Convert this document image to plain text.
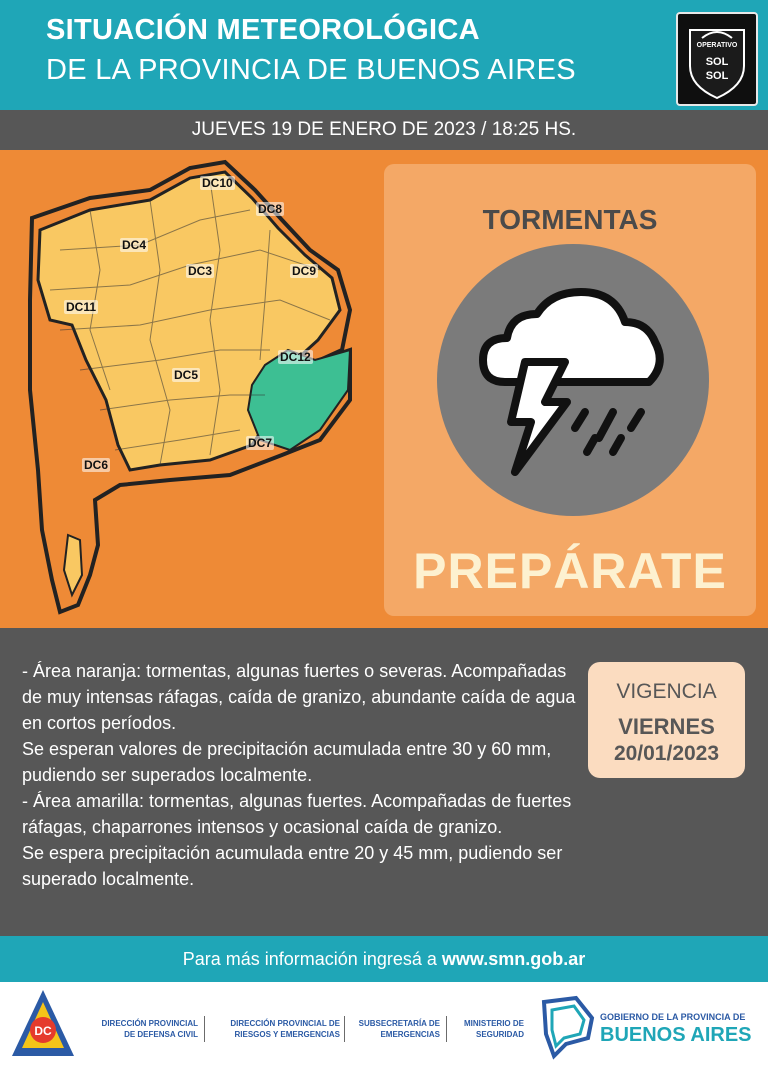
SITUACIÓN METEOROLÓGICA
DE LA PROVINCIA DE BUENOS AIRES
OPERATIVO
SOL
SOL
JUEVES 19 DE ENERO DE 2023 / 18:25 HS.
DC10
DC8
DC4
DC3	DC9
DC11
DC12
DC5
DC7
DC6
TORMENTAS
PREPÁRATE

- Área naranja: tormentas, algunas fuertes o severas. Acompañadas de muy intensas ráfagas, caída de granizo, abundante caída de agua en cortos períodos.

Se esperan valores de precipitación acumulada entre 30 y 60 mm, pudiendo ser superados localmente.

- Área amarilla: tormentas, algunas fuertes. Acompañadas de fuertes ráfagas, chaparrones intensos y ocasional caída de granizo.

Se espera precipitación acumulada entre 20 y 45 mm, pudiendo ser superado localmente.

VIGENCIA
VIERNES
20/01/2023
Para más información ingresá a www.smn.gob.ar
DC
DIRECCIÓN PROVINCIAL
DE DEFENSA CIVIL
DIRECCIÓN PROVINCIAL DE
RIESGOS Y EMERGENCIAS
SUBSECRETARÍA DE
EMERGENCIAS
MINISTERIO DE
SEGURIDAD
GOBIERNO DE LA PROVINCIA DE
BUENOS AIRES
